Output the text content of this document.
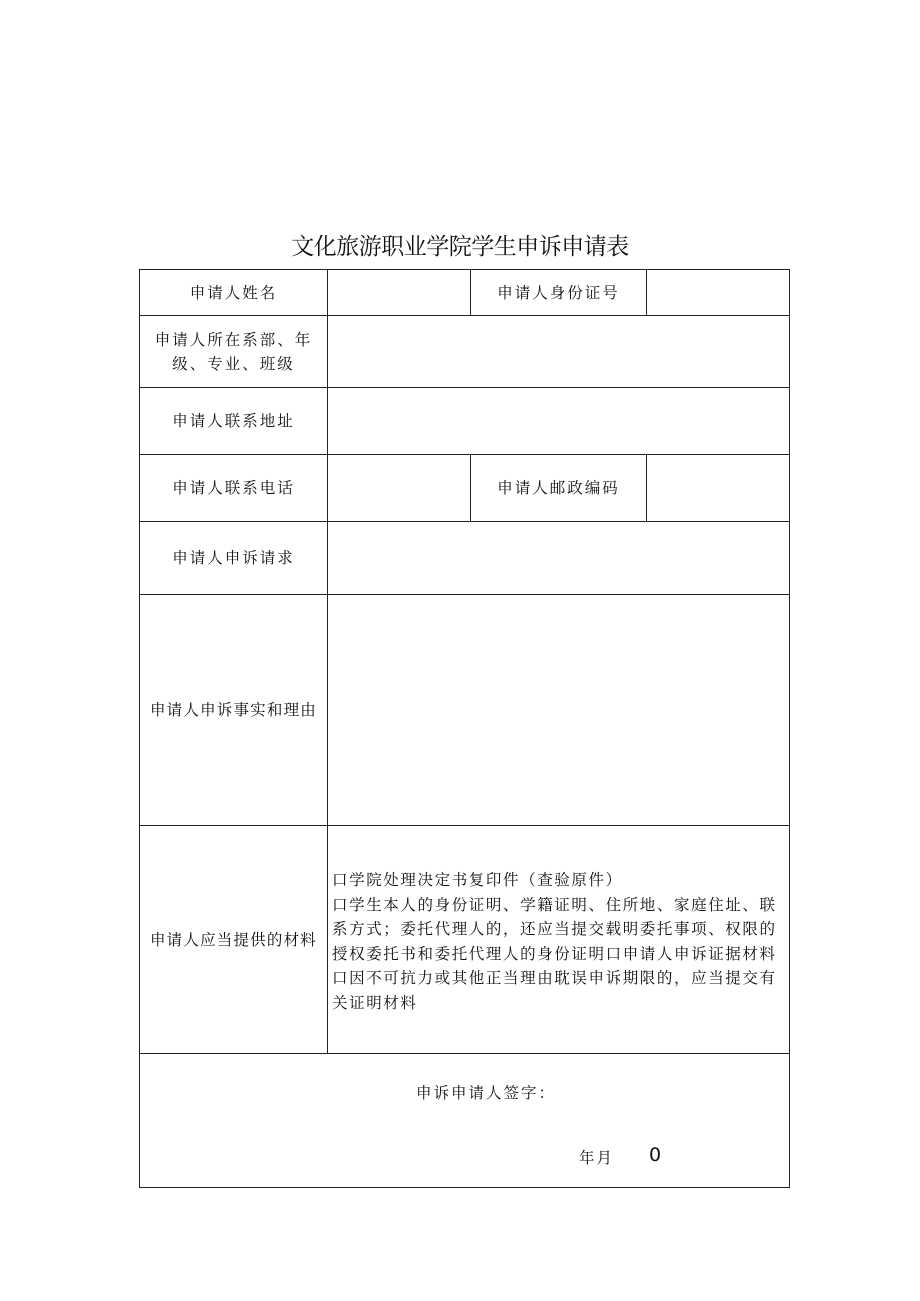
文化旅游职业学院学生申诉申请表
申请人姓名		申请人身份证号	
申请人所在系部、年级、专业、班级			
申请人联系地址			
申请人联系电话		申请人邮政编码	
申请人申诉请求			
申请人申诉事实和理由			
申请人应当提供的材料	口学院处理决定书复印件（查验原件）
口学生本人的身份证明、学籍证明、住所地、家庭住址、联系方式；委托代理人的，还应当提交载明委托事项、权限的授权委托书和委托代理人的身份证明口申请人申诉证据材料
口因不可抗力或其他正当理由耽误申诉期限的，应当提交有关证明材料		

申诉申请人签字：
年月 0			
